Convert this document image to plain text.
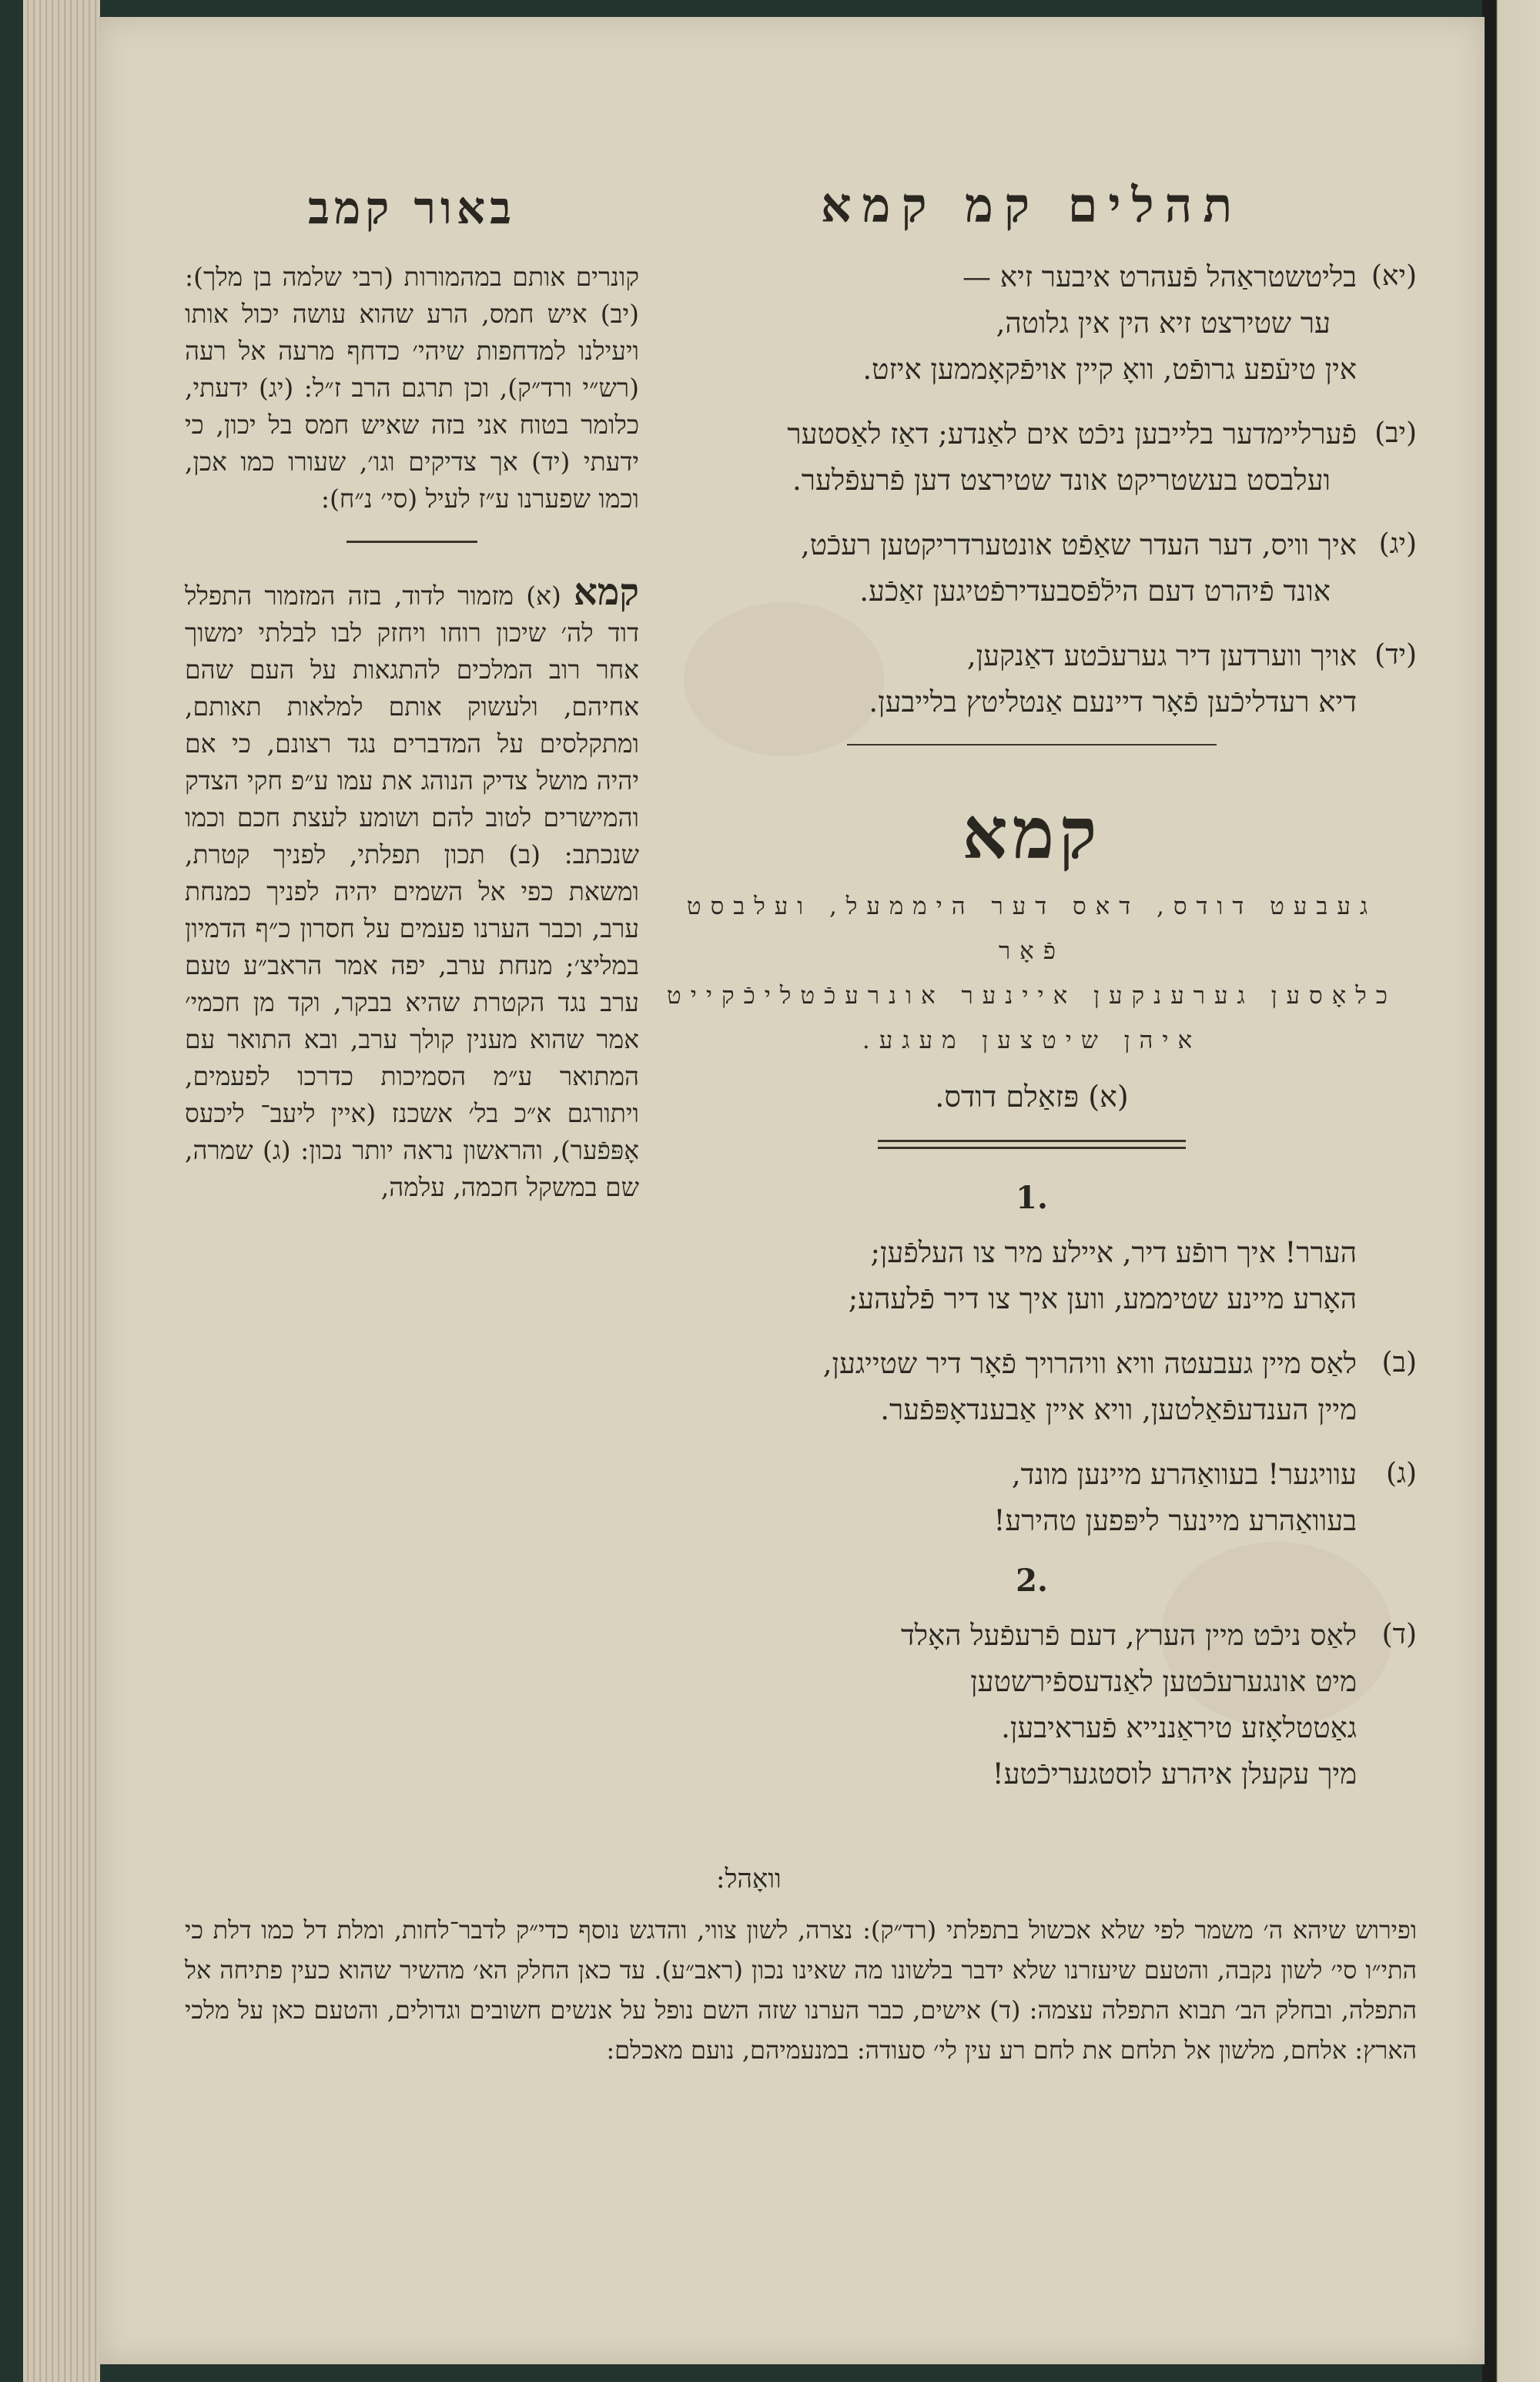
תהלים קמ קמא
(יא)
בליטשטראַהל פֿעהרט איבער זיא —
ער שטירצט זיא הין אין גלוטה,
אין טיעֿפע גרופֿט, וואָ קיין אויפֿקאָממען איזט.
(יב)
פֿערליימדער בלייבען ניכֿט אים לאַנדע; דאַז לאַסטער
ועלבסט בעשטריקט אונד שטירצט דען פֿרעפֿלער.
(יג)
איך וויס, דער העדר שאַפֿט אונטערדריקטען רעכֿט,
אונד פֿיהרט דעם הילֿפֿסבעדירפֿטיגען זאַכֿע.
(יד)
אויך ווערדען דיר גערעכֿטע דאַנקען,
דיא רעדליכֿען פֿאָר דיינעם אַנטליטץ בלייבען.
קמא
געבעט דודס, דאס דער היממעל, ועלבסט פֿאָר
כלאָסען גערענקען איינער אונרעכֿטליכֿקייט
איהן שיטצען מעגע.
(א) פּזאַלם דודס.
1.
הערר! איך רופֿע דיר, איילע מיר צו העלפֿען;
האָרע מיינע שטיממע, ווען איך צו דיר פֿלעהע;
(ב)
לאַס מיין געבעטה וויא וויהרויך פֿאָר דיר שטייגען,
מיין הענדעפֿאַלטען, וויא איין אַבענדאָפּפֿער.
(ג)
עוויגער! בעוואַהרע מיינען מונד,
בעוואַהרע מיינער ליפּפען טהירע!
2.
(ד)
לאַס ניכֿט מיין הערץ, דעם פֿרעפֿעל האָלד
מיט אונגערעכֿטען לאַנדעספֿירשטען
גאַטטלאָזע טיראַננייא פֿעראיבען.
מיך עקעלן איהרע לוסטגעריכֿטע!
וואָהל:
באור קמב
קונרים אותם במהמורות (רבי שלמה בן מלך): (יב) איש חמס, הרע שהוא עושה יכול אותו ויעילנו למדחפות שיהי׳ כדחף מרעה אל רעה (רש״י ורד״ק), וכן תרגם הרב ז״ל: (יג) ידעתי, כלומר בטוח אני בזה שאיש חמס בל יכון, כי ידעתי (יד) אך צדיקים וגו׳, שעורו כמו אכן, וכמו שפערנו ע״ז לעיל (סי׳ נ״ח):
קמא (א) מזמור לדוד, בזה המזמור התפלל דוד לה׳ שיכון רוחו ויחזק לבו לבלתי ימשוך אחר רוב המלכים להתגאות על העם שהם אחיהם, ולעשוק אותם למלאות תאותם, ומתקלסים על המדברים נגד רצונם, כי אם יהיה מושל צדיק הנוהג את עמו ע״פ חקי הצדק והמישרים לטוב להם ושומע לעצת חכם וכמו שנכתב: (ב) תכון תפלתי, לפניך קטרת, ומשאת כפי אל השמים יהיה לפניך כמנחת ערב, וכבר הערנו פעמים על חסרון כ״ף הדמיון במליצ׳; מנחת ערב, יפה אמר הראב״ע טעם ערב נגד הקטרת שהיא בבקר, וקד מן חכמי׳ אמר שהוא מענין קולך ערב, ובא התואר עם המתואר ע״מ הסמיכות כדרכו לפעמים, ויתורגם א״כ בל׳ אשכנז (איין ליעב־ ליכעס אָפּפֿער), והראשון נראה יותר נכון: (ג) שמרה, שם במשקל חכמה, עלמה,
ופירוש שיהא ה׳ משמר לפי שלא אכשול בתפלתי (רד״ק): נצרה, לשון צווי, והדגש נוסף כדי״ק לדבר־לחות, ומלת דל כמו דלת כי התי״ו סי׳ לשון נקבה, והטעם שיעזרנו שלא ידבר בלשונו מה שאינו נכון (ראב״ע). עד כאן החלק הא׳ מהשיר שהוא כעין פתיחה אל התפלה, ובחלק הב׳ תבוא התפלה עצמה: (ד) אישים, כבר הערנו שזה השם נופל על אנשים חשובים וגדולים, והטעם כאן על מלכי הארץ: אלחם, מלשון אל תלחם את לחם רע עין לי׳ סעודה: במנעמיהם, נועם מאכלם:
